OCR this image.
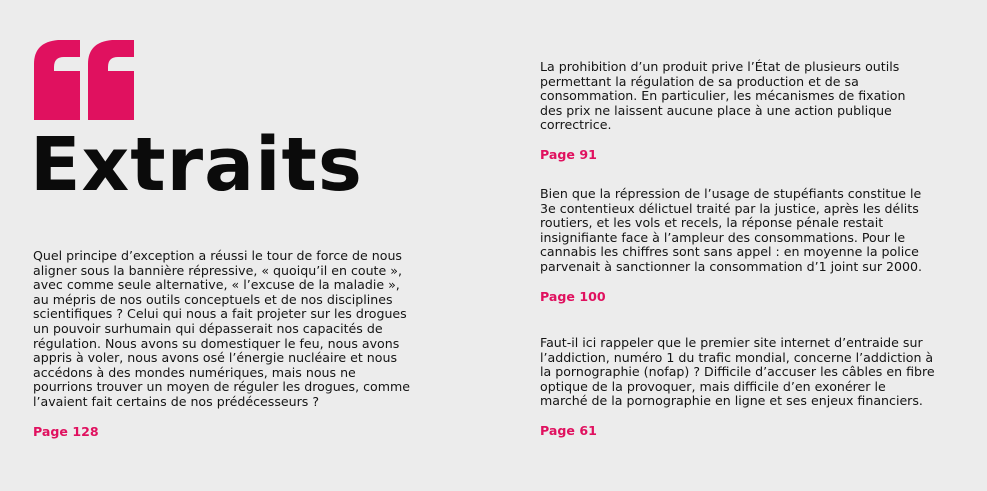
Extraits

Quel principe d’exception a réussi le tour de force de nous aligner sous la bannière répressive, « quoiqu’il en coute », avec comme seule alternative, « l’excuse de la maladie », au mépris de nos outils conceptuels et de nos disciplines scientifiques ? Celui qui nous a fait projeter sur les drogues un pouvoir surhumain qui dépasserait nos capacités de régulation. Nous avons su domestiquer le feu, nous avons appris à voler, nous avons osé l’énergie nucléaire et nous accédons à des mondes numériques, mais nous ne pourrions trouver un moyen de réguler les drogues, comme l’avaient fait certains de nos prédécesseurs ?

Page 128

La prohibition d’un produit prive l’État de plusieurs outils permettant la régulation de sa production et de sa consommation. En particulier, les mécanismes de fixation des prix ne laissent aucune place à une action publique correctrice.

Page 91

Bien que la répression de l’usage de stupéfiants constitue le 3e contentieux délictuel traité par la justice, après les délits routiers, et les vols et recels, la réponse pénale restait insignifiante face à l’ampleur des consommations. Pour le cannabis les chiffres sont sans appel : en moyenne la police parvenait à sanctionner la consommation d’1 joint sur 2000.

Page 100

Faut-il ici rappeler que le premier site internet d’entraide sur l’addiction, numéro 1 du trafic mondial, concerne l’addiction à la pornographie (nofap) ? Difficile d’accuser les câbles en fibre optique de la provoquer, mais difficile d’en exonérer le marché de la pornographie en ligne et ses enjeux financiers.

Page 61
